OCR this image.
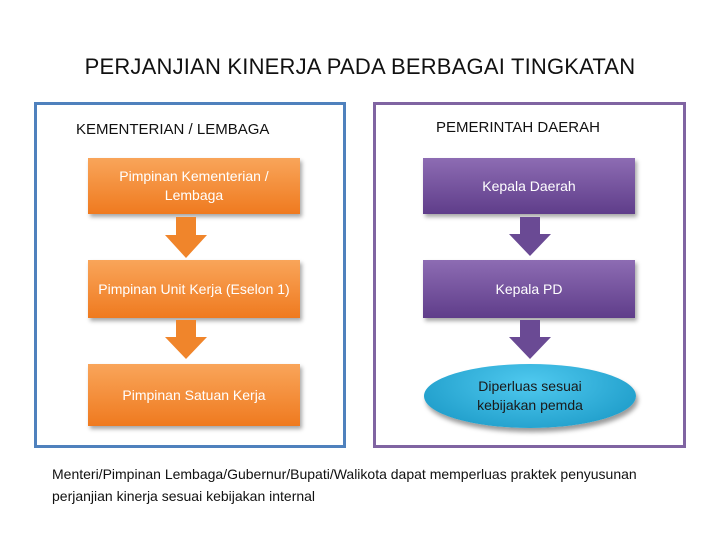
PERJANJIAN KINERJA PADA BERBAGAI TINGKATAN
KEMENTERIAN / LEMBAGA
Pimpinan Kementerian / Lembaga
Pimpinan Unit Kerja (Eselon 1)
Pimpinan Satuan Kerja
PEMERINTAH DAERAH
Kepala Daerah
Kepala PD
Diperluas sesuai kebijakan pemda
Menteri/Pimpinan Lembaga/Gubernur/Bupati/Walikota dapat memperluas praktek penyusunan perjanjian kinerja sesuai kebijakan internal
